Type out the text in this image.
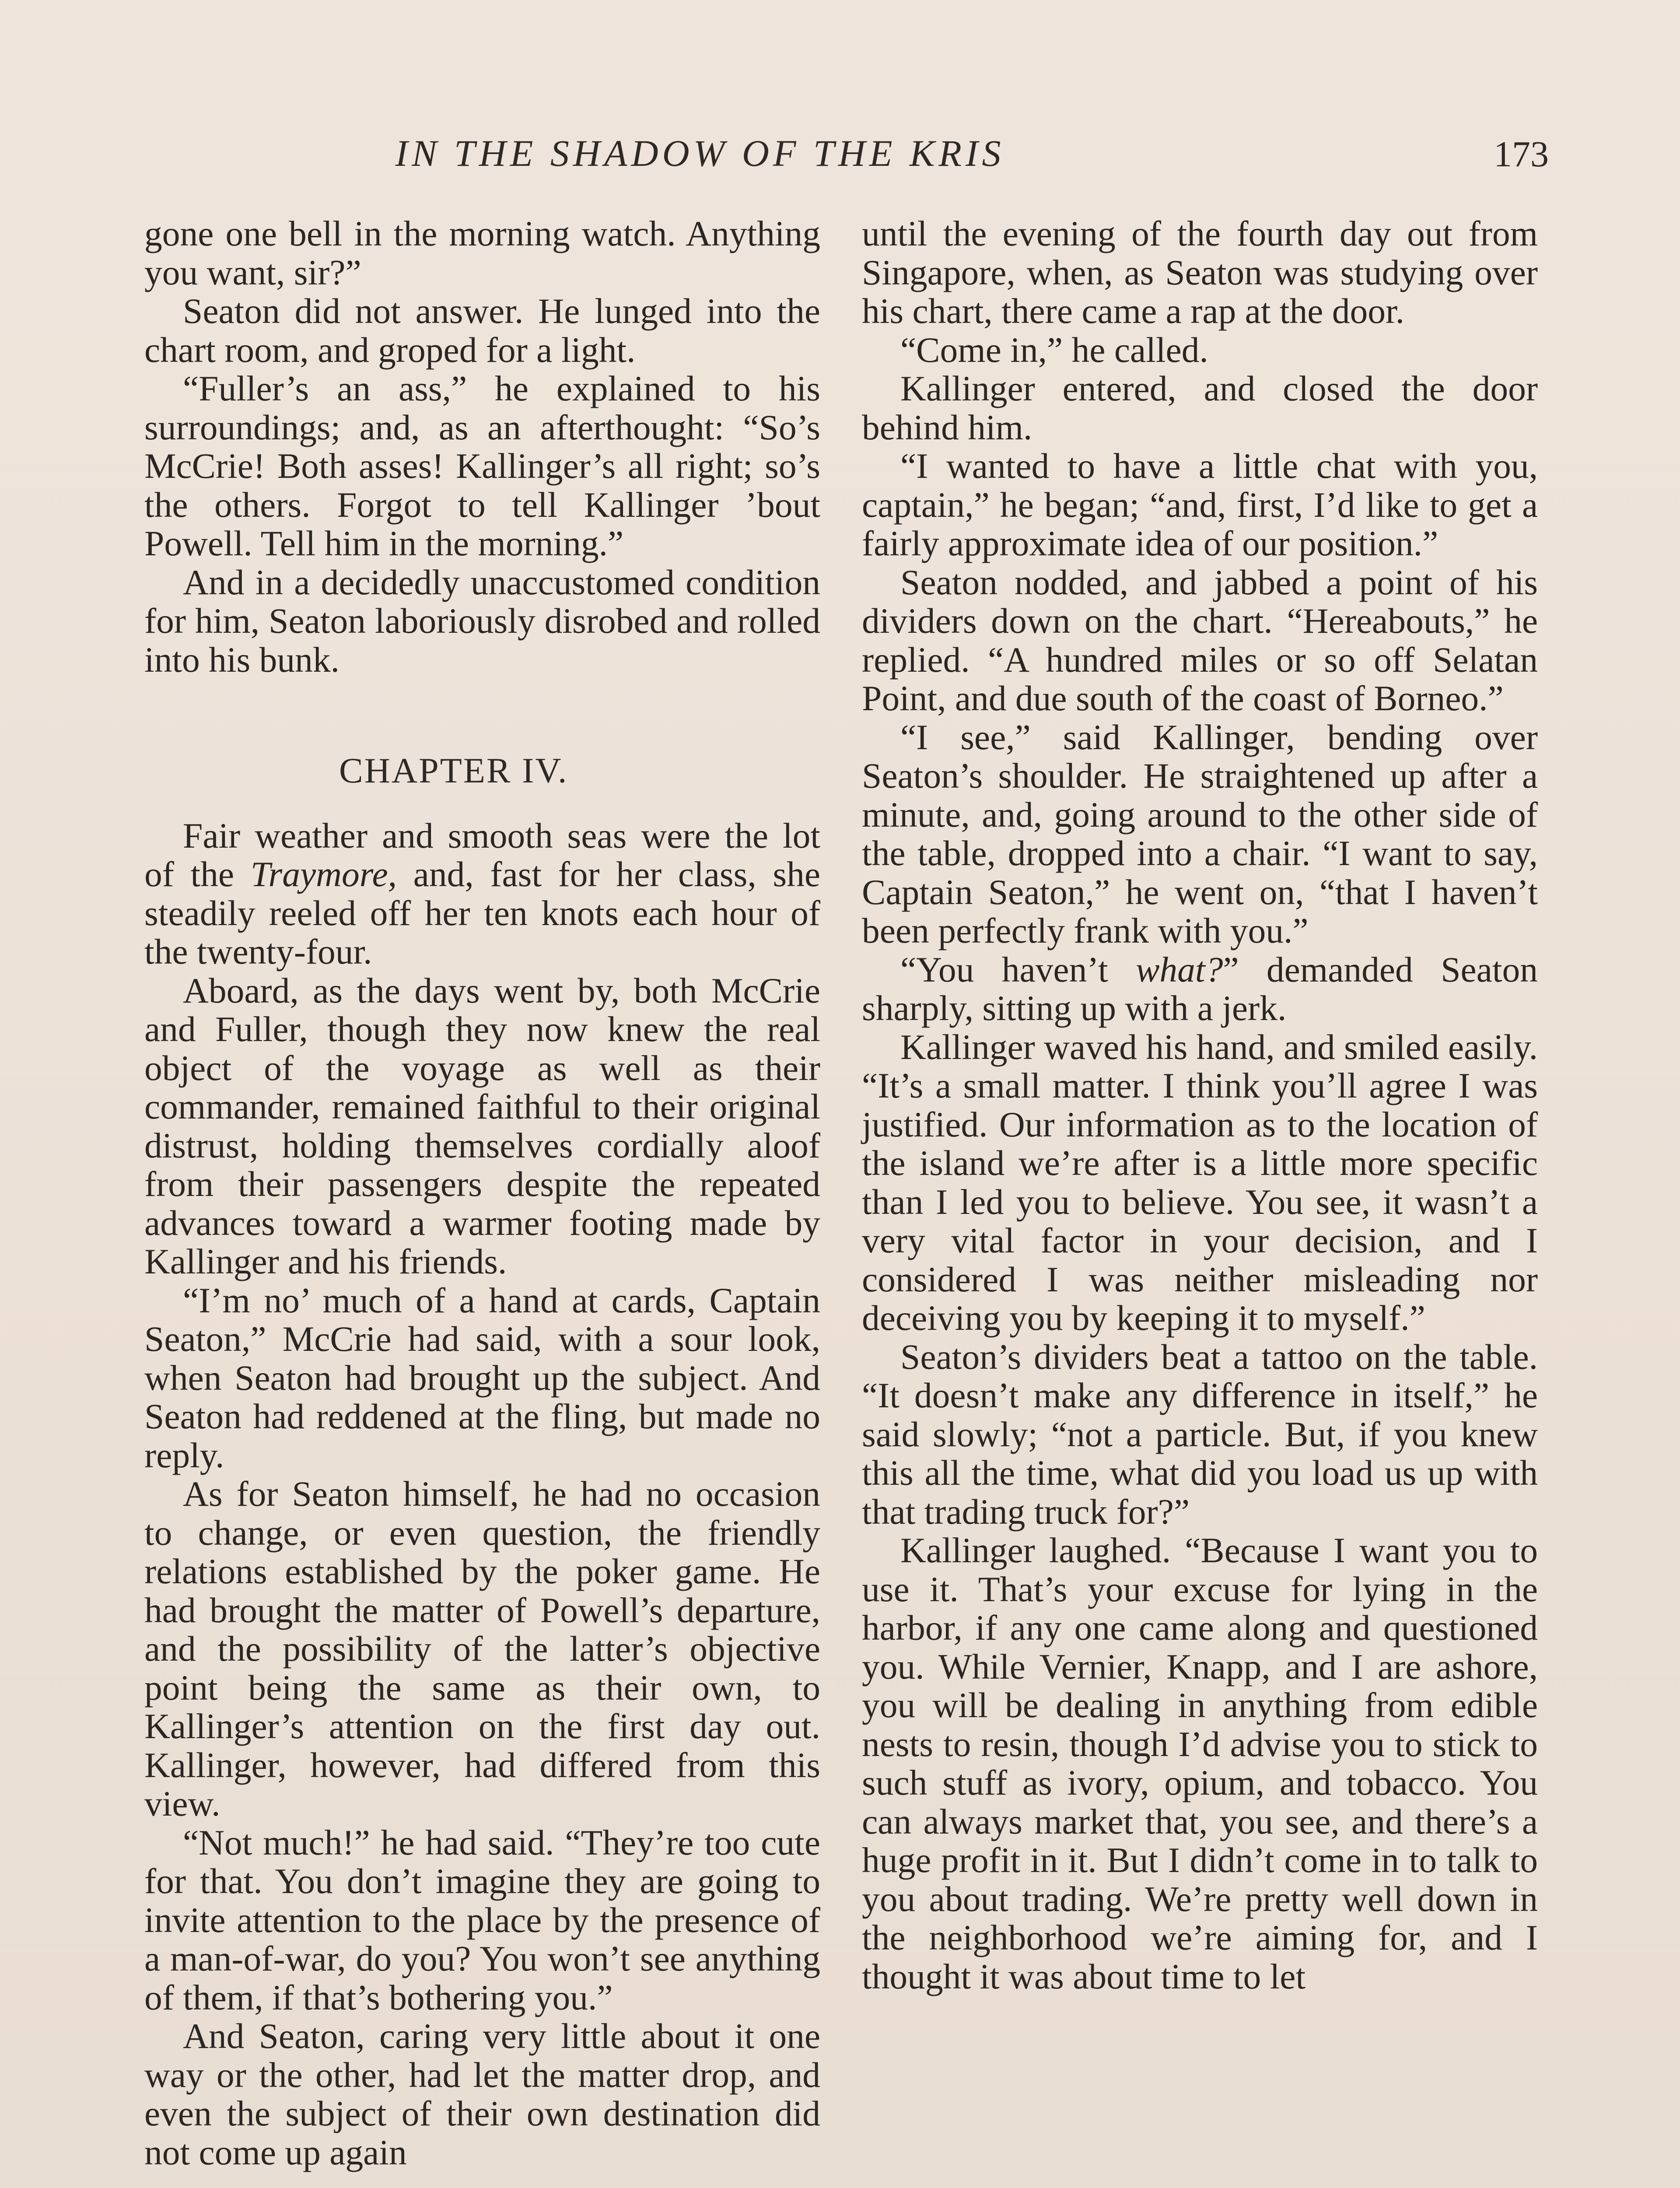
IN THE SHADOW OF THE KRIS	173

gone one bell in the morning watch. Anything you want, sir?”

Seaton did not answer. He lunged into the chart room, and groped for a light.

“Fuller’s an ass,” he explained to his surroundings; and, as an afterthought: “So’s McCrie! Both asses! Kallinger’s all right; so’s the others. Forgot to tell Kallinger ’bout Powell. Tell him in the morning.”

And in a decidedly unaccustomed condition for him, Seaton laboriously disrobed and rolled into his bunk.

CHAPTER IV.

Fair weather and smooth seas were the lot of the Traymore, and, fast for her class, she steadily reeled off her ten knots each hour of the twenty-four.

Aboard, as the days went by, both McCrie and Fuller, though they now knew the real object of the voyage as well as their commander, remained faithful to their original distrust, holding themselves cordially aloof from their passengers despite the repeated advances toward a warmer footing made by Kallinger and his friends.

“I’m no’ much of a hand at cards, Captain Seaton,” McCrie had said, with a sour look, when Seaton had brought up the subject. And Seaton had reddened at the fling, but made no reply.

As for Seaton himself, he had no occasion to change, or even question, the friendly relations established by the poker game. He had brought the matter of Powell’s departure, and the possibility of the latter’s objective point being the same as their own, to Kallinger’s attention on the first day out. Kallinger, however, had differed from this view.

“Not much!” he had said. “They’re too cute for that. You don’t imagine they are going to invite attention to the place by the presence of a man-of-war, do you? You won’t see anything of them, if that’s bothering you.”

And Seaton, caring very little about it one way or the other, had let the matter drop, and even the subject of their own destination did not come up again

until the evening of the fourth day out from Singapore, when, as Seaton was studying over his chart, there came a rap at the door.

“Come in,” he called.

Kallinger entered, and closed the door behind him.

“I wanted to have a little chat with you, captain,” he began; “and, first, I’d like to get a fairly approximate idea of our position.”

Seaton nodded, and jabbed a point of his dividers down on the chart. “Hereabouts,” he replied. “A hundred miles or so off Selatan Point, and due south of the coast of Borneo.”

“I see,” said Kallinger, bending over Seaton’s shoulder. He straightened up after a minute, and, going around to the other side of the table, dropped into a chair. “I want to say, Captain Seaton,” he went on, “that I haven’t been perfectly frank with you.”

“You haven’t what?” demanded Seaton sharply, sitting up with a jerk.

Kallinger waved his hand, and smiled easily. “It’s a small matter. I think you’ll agree I was justified. Our information as to the location of the island we’re after is a little more specific than I led you to believe. You see, it wasn’t a very vital factor in your decision, and I considered I was neither misleading nor deceiving you by keeping it to myself.”

Seaton’s dividers beat a tattoo on the table. “It doesn’t make any difference in itself,” he said slowly; “not a particle. But, if you knew this all the time, what did you load us up with that trading truck for?”

Kallinger laughed. “Because I want you to use it. That’s your excuse for lying in the harbor, if any one came along and questioned you. While Vernier, Knapp, and I are ashore, you will be dealing in anything from edible nests to resin, though I’d advise you to stick to such stuff as ivory, opium, and tobacco. You can always market that, you see, and there’s a huge profit in it. But I didn’t come in to talk to you about trading. We’re pretty well down in the neighborhood we’re aiming for, and I thought it was about time to let
